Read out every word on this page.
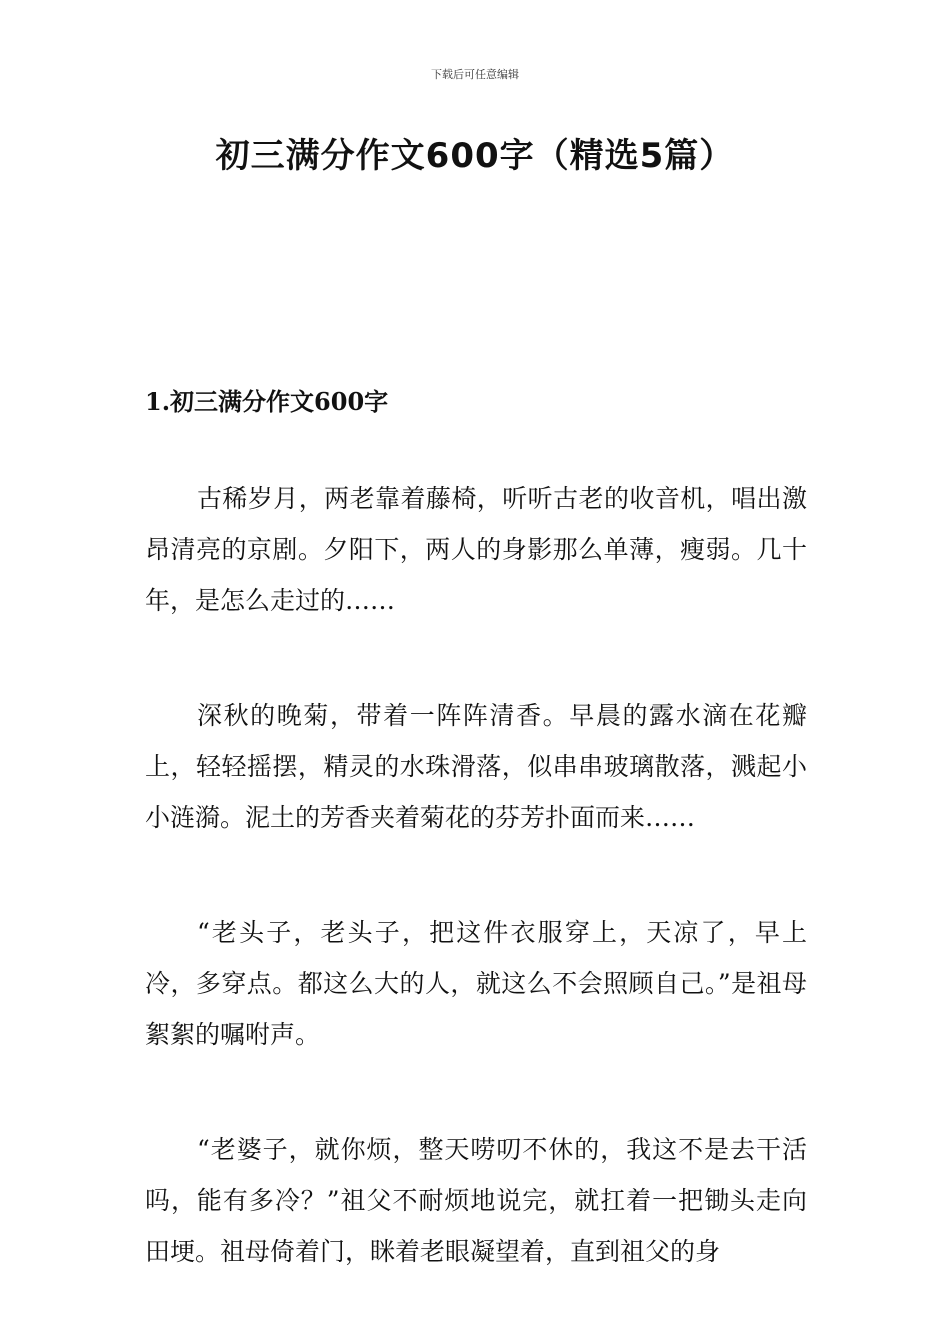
下载后可任意编辑
初三满分作文600字（精选5篇）
1.初三满分作文600字

古稀岁月，两老靠着藤椅，听听古老的收音机，唱出激昂清亮的京剧。夕阳下，两人的身影那么单薄，瘦弱。几十年，是怎么走过的……

深秋的晚菊，带着一阵阵清香。早晨的露水滴在花瓣上，轻轻摇摆，精灵的水珠滑落，似串串玻璃散落，溅起小小涟漪。泥土的芳香夹着菊花的芬芳扑面而来……

“老头子，老头子，把这件衣服穿上，天凉了，早上冷，多穿点。都这么大的人，就这么不会照顾自己。”是祖母絮絮的嘱咐声。

“老婆子，就你烦，整天唠叨不休的，我这不是去干活吗，能有多冷？”祖父不耐烦地说完，就扛着一把锄头走向田埂。祖母倚着门，眯着老眼凝望着，直到祖父的身
